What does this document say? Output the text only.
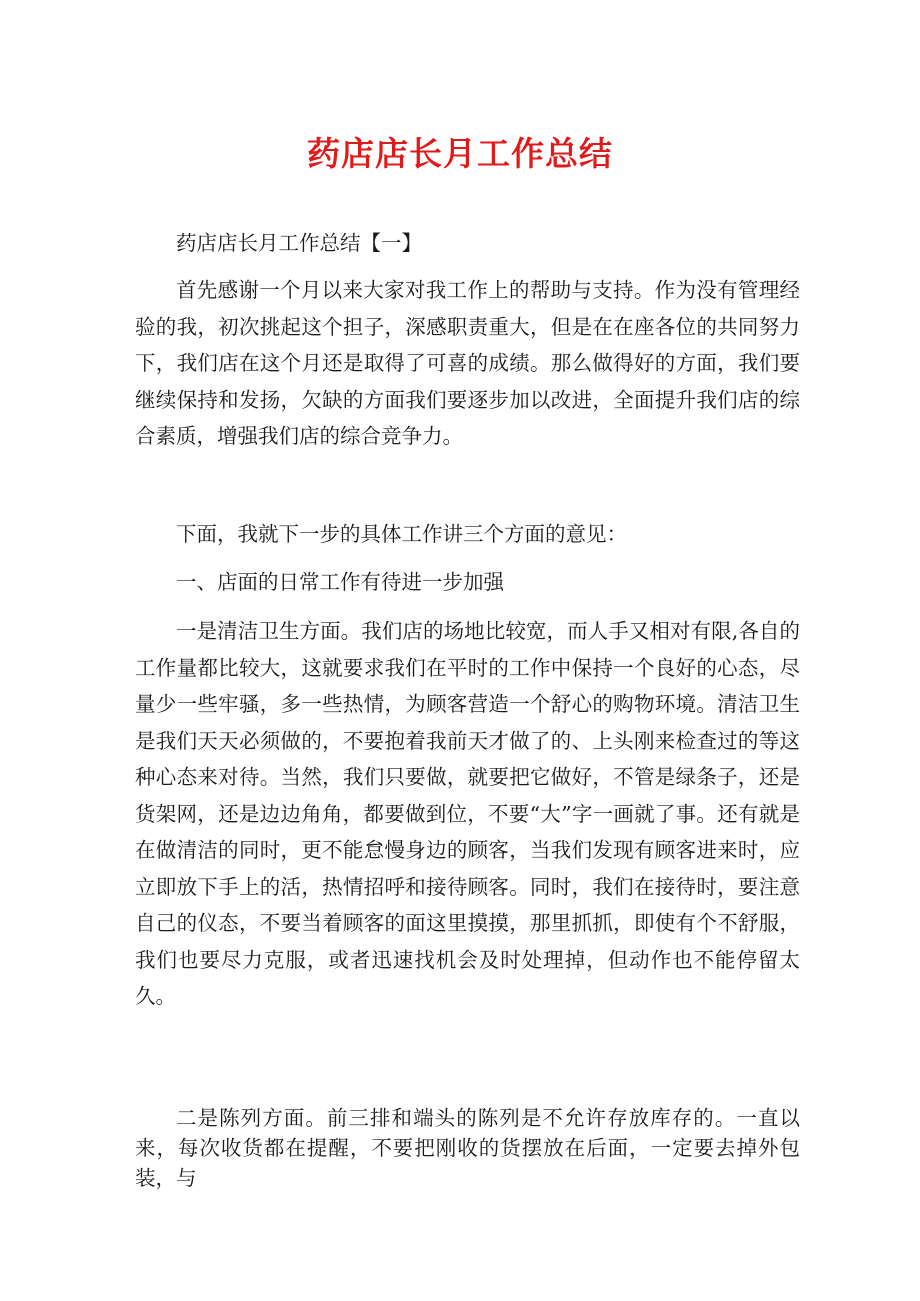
药店店长月工作总结

药店店长月工作总结【一】

首先感谢一个月以来大家对我工作上的帮助与支持。作为没有管理经验的我，初次挑起这个担子，深感职责重大，但是在在座各位的共同努力下，我们店在这个月还是取得了可喜的成绩。那么做得好的方面，我们要继续保持和发扬，欠缺的方面我们要逐步加以改进，全面提升我们店的综合素质，增强我们店的综合竞争力。

下面，我就下一步的具体工作讲三个方面的意见：

一、店面的日常工作有待进一步加强

一是清洁卫生方面。我们店的场地比较宽，而人手又相对有限,各自的工作量都比较大，这就要求我们在平时的工作中保持一个良好的心态，尽量少一些牢骚，多一些热情，为顾客营造一个舒心的购物环境。清洁卫生是我们天天必须做的，不要抱着我前天才做了的、上头刚来检查过的等这种心态来对待。当然，我们只要做，就要把它做好，不管是绿条子，还是货架网，还是边边角角，都要做到位，不要“大”字一画就了事。还有就是在做清洁的同时，更不能怠慢身边的顾客，当我们发现有顾客进来时，应立即放下手上的活，热情招呼和接待顾客。同时，我们在接待时，要注意自己的仪态，不要当着顾客的面这里摸摸，那里抓抓，即使有个不舒服，我们也要尽力克服，或者迅速找机会及时处理掉，但动作也不能停留太久。

二是陈列方面。前三排和端头的陈列是不允许存放库存的。一直以来，每次收货都在提醒，不要把刚收的货摆放在后面，一定要去掉外包装，与
